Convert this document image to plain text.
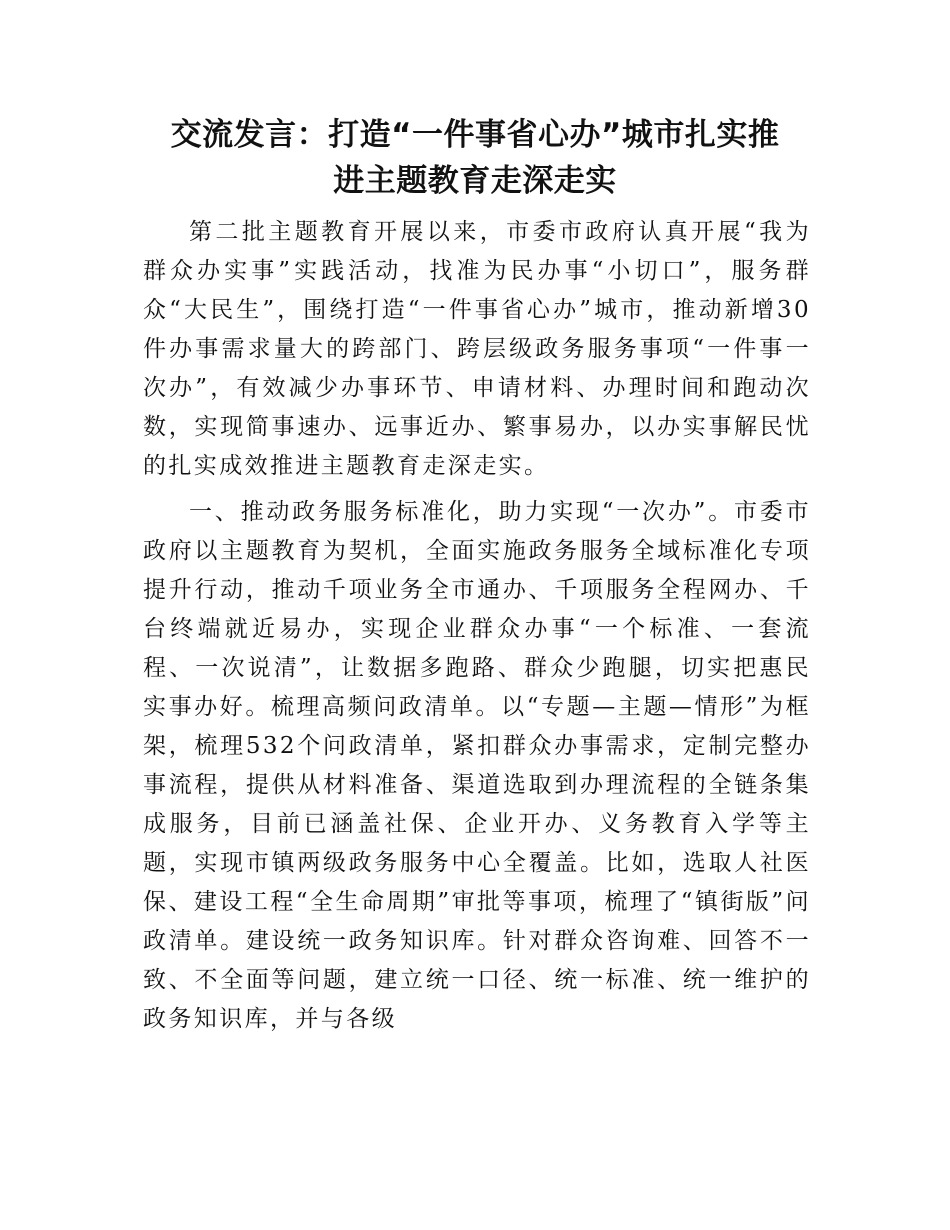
交流发言：打造“一件事省心办”城市扎实推
进主题教育走深走实

第二批主题教育开展以来，市委市政府认真开展“我为群众办实事”实践活动，找准为民办事“小切口”，服务群众“大民生”，围绕打造“一件事省心办”城市，推动新增30件办事需求量大的跨部门、跨层级政务服务事项“一件事一次办”，有效减少办事环节、申请材料、办理时间和跑动次数，实现简事速办、远事近办、繁事易办，以办实事解民忧的扎实成效推进主题教育走深走实。

一、推动政务服务标准化，助力实现“一次办”。市委市政府以主题教育为契机，全面实施政务服务全域标准化专项提升行动，推动千项业务全市通办、千项服务全程网办、千台终端就近易办，实现企业群众办事“一个标准、一套流程、一次说清”，让数据多跑路、群众少跑腿，切实把惠民实事办好。梳理高频问政清单。以“专题—主题—情形”为框架，梳理532个问政清单，紧扣群众办事需求，定制完整办事流程，提供从材料准备、渠道选取到办理流程的全链条集成服务，目前已涵盖社保、企业开办、义务教育入学等主题，实现市镇两级政务服务中心全覆盖。比如，选取人社医保、建设工程“全生命周期”审批等事项，梳理了“镇街版”问政清单。建设统一政务知识库。针对群众咨询难、回答不一致、不全面等问题，建立统一口径、统一标准、统一维护的政务知识库，并与各级
